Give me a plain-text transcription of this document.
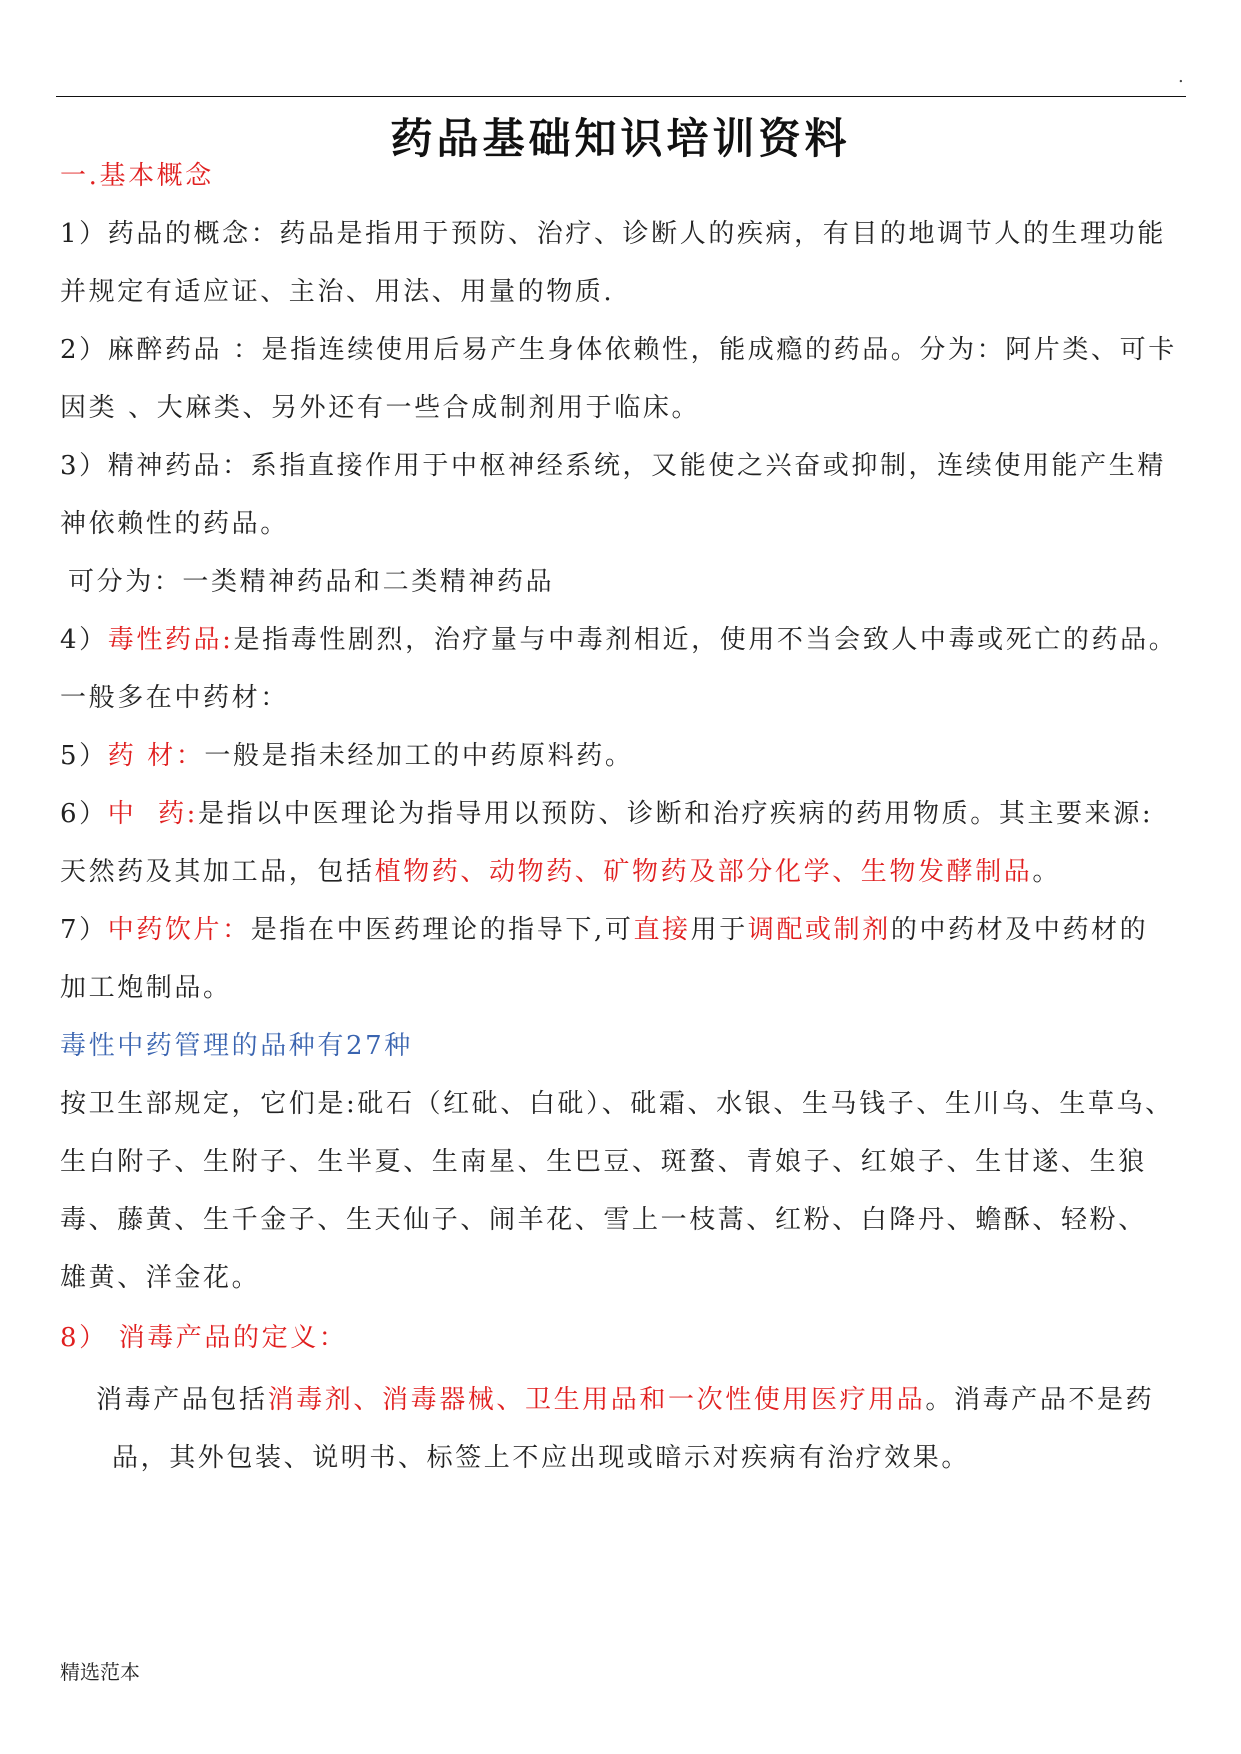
.
药品基础知识培训资料
一.基本概念
1）药品的概念：药品是指用于预防、治疗、诊断人的疾病，有目的地调节人的生理功能
并规定有适应证、主治、用法、用量的物质.
2）麻醉药品 ：是指连续使用后易产生身体依赖性，能成瘾的药品。分为：阿片类、可卡
因类 、大麻类、另外还有一些合成制剂用于临床。
3）精神药品：系指直接作用于中枢神经系统，又能使之兴奋或抑制，连续使用能产生精
神依赖性的药品。
可分为：一类精神药品和二类精神药品
4）毒性药品:是指毒性剧烈，治疗量与中毒剂相近，使用不当会致人中毒或死亡的药品。
一般多在中药材：
5）药 材：一般是指未经加工的中药原料药。
6）中  药:是指以中医理论为指导用以预防、诊断和治疗疾病的药用物质。其主要来源:
天然药及其加工品，包括植物药、动物药、矿物药及部分化学、生物发酵制品。
7）中药饮片：是指在中医药理论的指导下,可直接用于调配或制剂的中药材及中药材的
加工炮制品。
毒性中药管理的品种有27种
按卫生部规定，它们是:砒石（红砒、白砒）、砒霜、水银、生马钱子、生川乌、生草乌、
生白附子、生附子、生半夏、生南星、生巴豆、斑蝥、青娘子、红娘子、生甘遂、生狼
毒、藤黄、生千金子、生天仙子、闹羊花、雪上一枝蒿、红粉、白降丹、蟾酥、轻粉、
雄黄、洋金花。
8） 消毒产品的定义：
消毒产品包括消毒剂、消毒器械、卫生用品和一次性使用医疗用品。消毒产品不是药
品，其外包装、说明书、标签上不应出现或暗示对疾病有治疗效果。
精选范本
